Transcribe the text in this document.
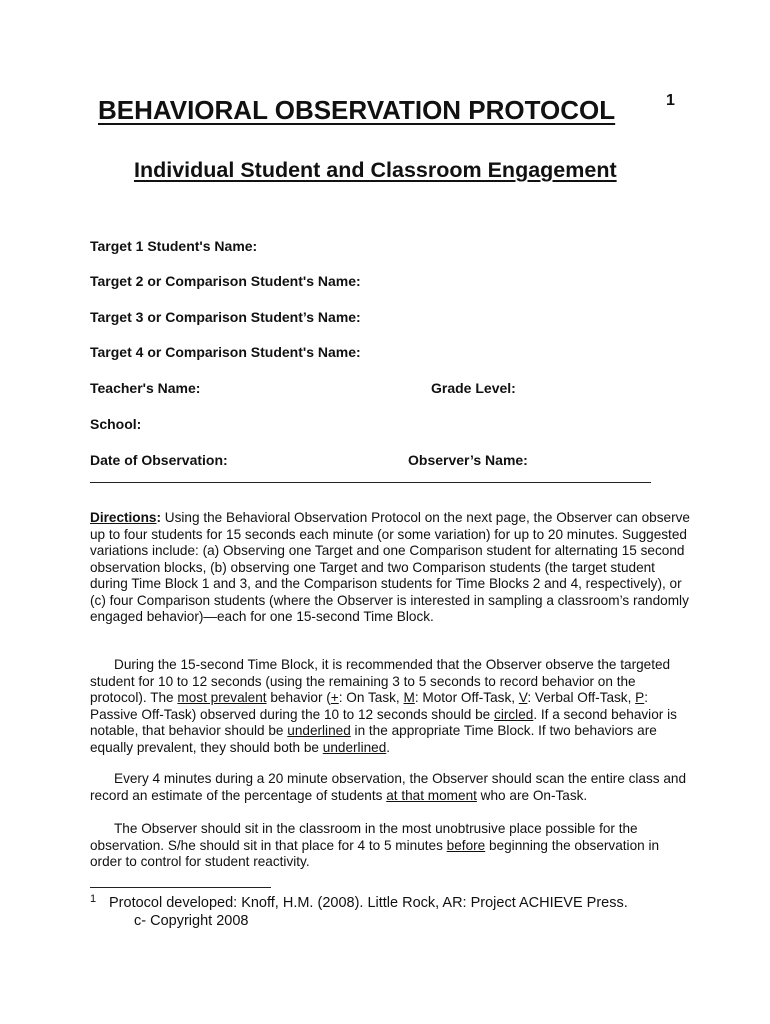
BEHAVIORAL OBSERVATION PROTOCOL	1
Individual Student and Classroom Engagement
Target 1 Student's Name:
Target 2 or Comparison Student's Name:
Target 3 or Comparison Student’s Name:
Target 4 or Comparison Student's Name:
Teacher's Name:	Grade Level:
School:
Date of Observation:	Observer’s Name:

Directions: Using the Behavioral Observation Protocol on the next page, the Observer can observe up to four students for 15 seconds each minute (or some variation) for up to 20 minutes. Suggested variations include: (a) Observing one Target and one Comparison student for alternating 15 second observation blocks, (b) observing one Target and two Comparison students (the target student during Time Block 1 and 3, and the Comparison students for Time Blocks 2 and 4, respectively), or (c) four Comparison students (where the Observer is interested in sampling a classroom’s randomly engaged behavior)—each for one 15-second Time Block.

During the 15-second Time Block, it is recommended that the Observer observe the targeted student for 10 to 12 seconds (using the remaining 3 to 5 seconds to record behavior on the protocol). The most prevalent behavior (+: On Task, M: Motor Off-Task, V: Verbal Off-Task, P: Passive Off-Task) observed during the 10 to 12 seconds should be circled. If a second behavior is notable, that behavior should be underlined in the appropriate Time Block. If two behaviors are equally prevalent, they should both be underlined.

Every 4 minutes during a 20 minute observation, the Observer should scan the entire class and record an estimate of the percentage of students at that moment who are On-Task.

The Observer should sit in the classroom in the most unobtrusive place possible for the observation. S/he should sit in that place for 4 to 5 minutes before beginning the observation in order to control for student reactivity.

1 Protocol developed: Knoff, H.M. (2008). Little Rock, AR: Project ACHIEVE Press.
c- Copyright 2008
